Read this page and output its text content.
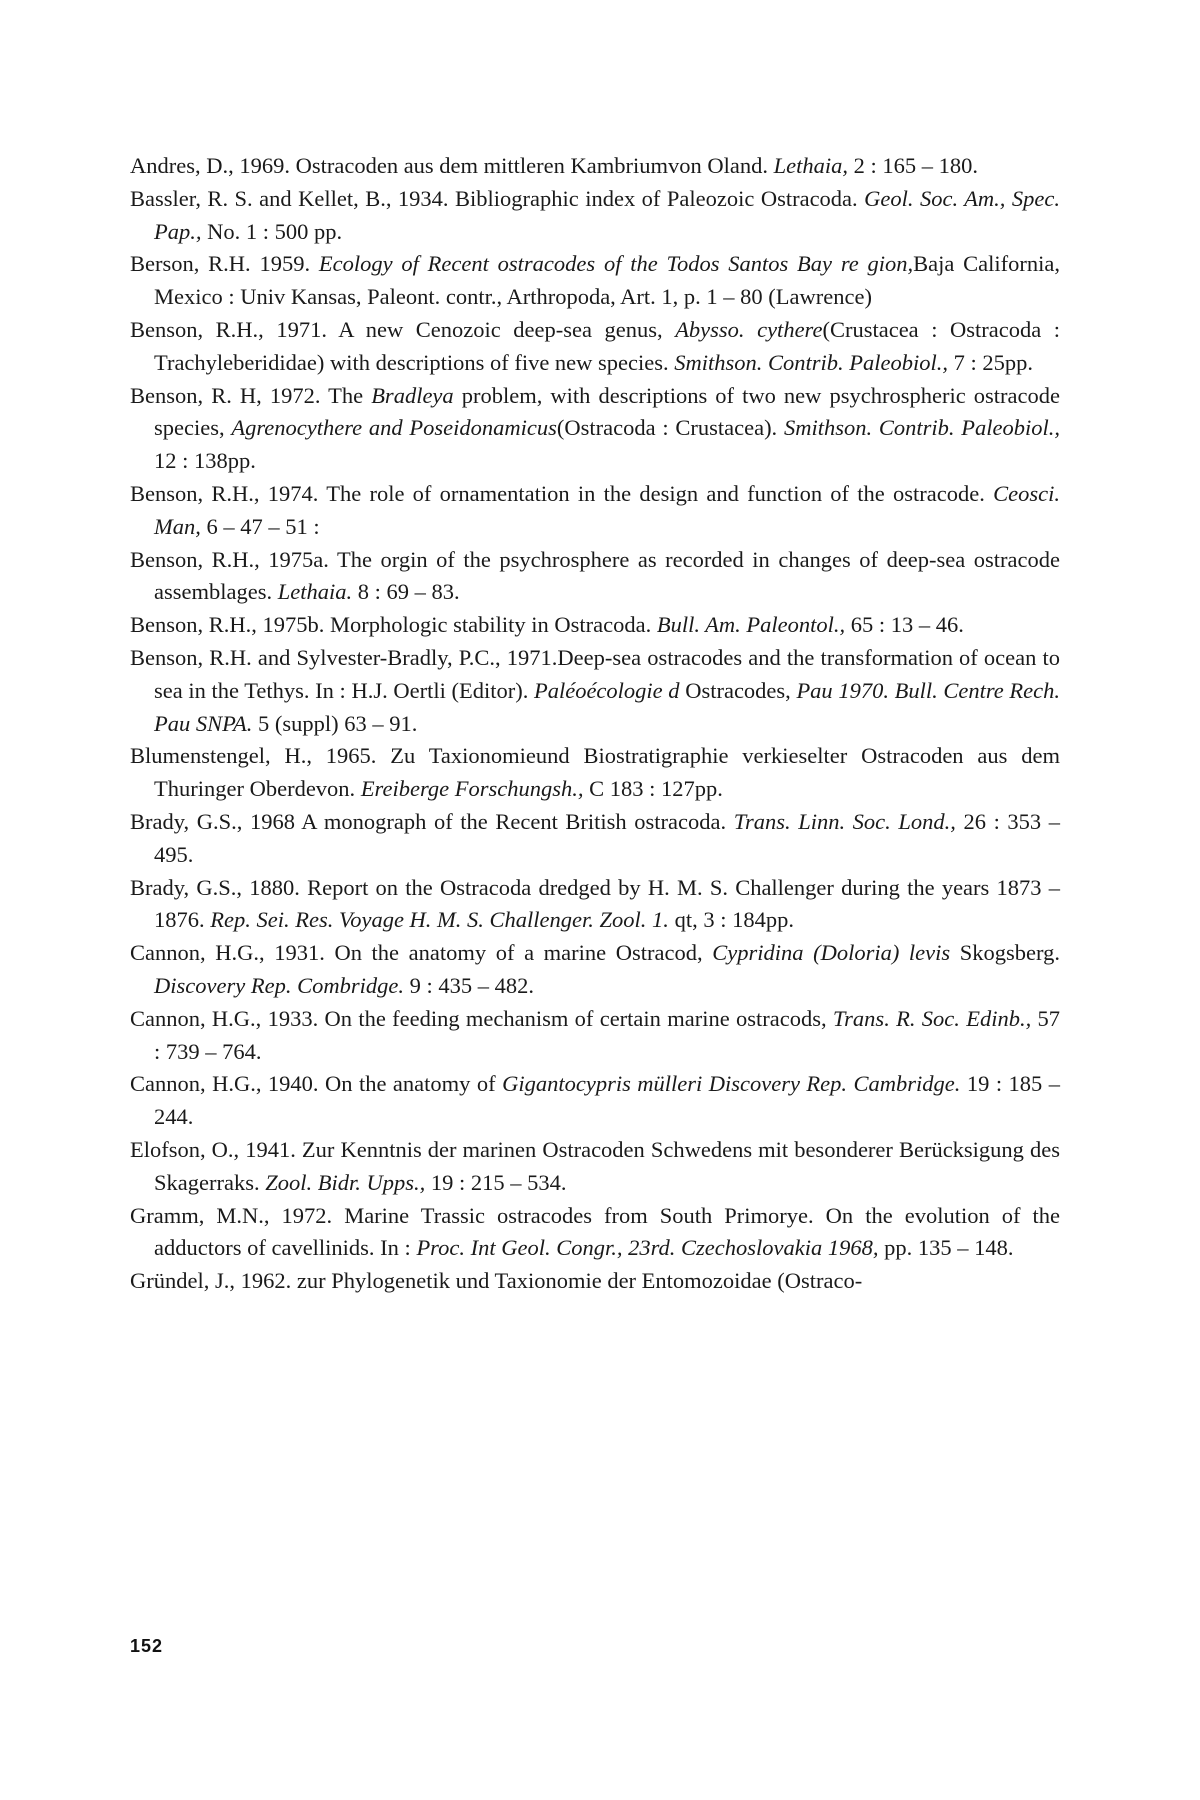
Andres, D., 1969. Ostracoden aus dem mittleren Kambriumvon Oland. Lethaia, 2 : 165 – 180.
Bassler, R. S. and Kellet, B., 1934. Bibliographic index of Paleozoic Ostracoda. Geol. Soc. Am., Spec. Pap., No. 1 : 500 pp.
Berson, R.H. 1959. Ecology of Recent ostracodes of the Todos Santos Bay re gion,Baja California, Mexico : Univ Kansas, Paleont. contr., Arthropoda, Art. 1, p. 1 – 80 (Lawrence)
Benson, R.H., 1971. A new Cenozoic deep-sea genus, Abysso. cythere(Crustacea : Ostracoda : Trachyleberididae) with descriptions of five new species. Smithson. Contrib. Paleobiol., 7 : 25pp.
Benson, R. H, 1972. The Bradleya problem, with descriptions of two new psychrospheric ostracode species, Agrenocythere and Poseidonamicus(Ostracoda : Crustacea). Smithson. Contrib. Paleobiol., 12 : 138pp.
Benson, R.H., 1974. The role of ornamentation in the design and function of the ostracode. Ceosci. Man, 6 – 47 – 51 :
Benson, R.H., 1975a. The orgin of the psychrosphere as recorded in changes of deep-sea ostracode assemblages. Lethaia. 8 : 69 – 83.
Benson, R.H., 1975b. Morphologic stability in Ostracoda. Bull. Am. Paleontol., 65 : 13 – 46.
Benson, R.H. and Sylvester-Bradly, P.C., 1971.Deep-sea ostracodes and the transformation of ocean to sea in the Tethys. In : H.J. Oertli (Editor). Paléoécologie d Ostracodes, Pau 1970. Bull. Centre Rech. Pau SNPA. 5 (suppl) 63 – 91.
Blumenstengel, H., 1965. Zu Taxionomieund Biostratigraphie verkieselter Ostracoden aus dem Thuringer Oberdevon. Ereiberge Forschungsh., C 183 : 127pp.
Brady, G.S., 1968 A monograph of the Recent British ostracoda. Trans. Linn. Soc. Lond., 26 : 353 – 495.
Brady, G.S., 1880. Report on the Ostracoda dredged by H. M. S. Challenger during the years 1873 – 1876. Rep. Sei. Res. Voyage H. M. S. Challenger. Zool. 1. qt, 3 : 184pp.
Cannon, H.G., 1931. On the anatomy of a marine Ostracod, Cypridina (Doloria) levis Skogsberg. Discovery Rep. Combridge. 9 : 435 – 482.
Cannon, H.G., 1933. On the feeding mechanism of certain marine ostracods, Trans. R. Soc. Edinb., 57 : 739 – 764.
Cannon, H.G., 1940. On the anatomy of Gigantocypris mülleri Discovery Rep. Cambridge. 19 : 185 – 244.
Elofson, O., 1941. Zur Kenntnis der marinen Ostracoden Schwedens mit besonderer Berücksigung des Skagerraks. Zool. Bidr. Upps., 19 : 215 – 534.
Gramm, M.N., 1972. Marine Trassic ostracodes from South Primorye. On the evolution of the adductors of cavellinids. In : Proc. Int Geol. Congr., 23rd. Czechoslovakia 1968, pp. 135 – 148.
Gründel, J., 1962. zur Phylogenetik und Taxionomie der Entomozoidae (Ostraco-
152
